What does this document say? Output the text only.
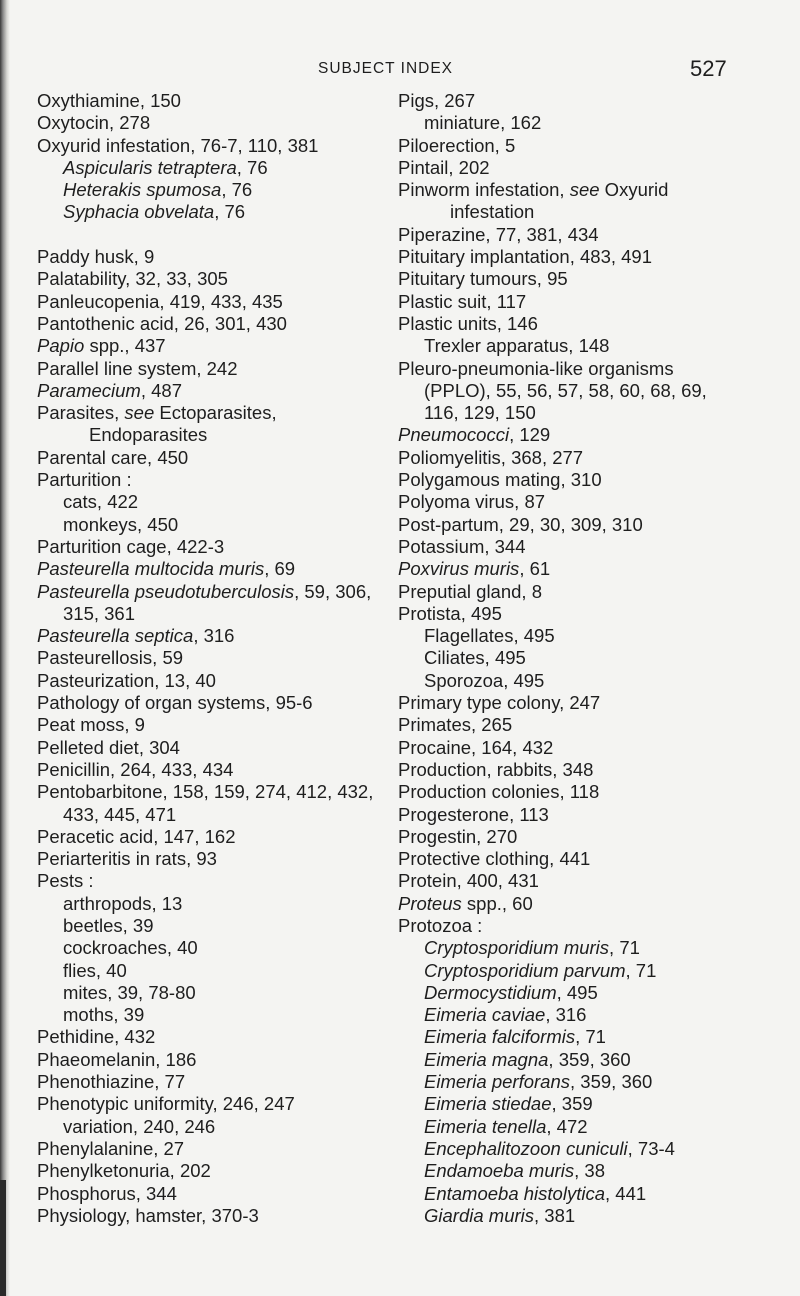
SUBJECT INDEX	527
Oxythiamine, 150
Oxytocin, 278
Oxyurid infestation, 76-7, 110, 381
Aspicularis tetraptera, 76
Heterakis spumosa, 76
Syphacia obvelata, 76
Paddy husk, 9
Palatability, 32, 33, 305
Panleucopenia, 419, 433, 435
Pantothenic acid, 26, 301, 430
Papio spp., 437
Parallel line system, 242
Paramecium, 487
Parasites, see Ectoparasites,
Endoparasites
Parental care, 450
Parturition :
cats, 422
monkeys, 450
Parturition cage, 422-3
Pasteurella multocida muris, 69
Pasteurella pseudotuberculosis, 59, 306,
315, 361
Pasteurella septica, 316
Pasteurellosis, 59
Pasteurization, 13, 40
Pathology of organ systems, 95-6
Peat moss, 9
Pelleted diet, 304
Penicillin, 264, 433, 434
Pentobarbitone, 158, 159, 274, 412, 432,
433, 445, 471
Peracetic acid, 147, 162
Periarteritis in rats, 93
Pests :
arthropods, 13
beetles, 39
cockroaches, 40
flies, 40
mites, 39, 78-80
moths, 39
Pethidine, 432
Phaeomelanin, 186
Phenothiazine, 77
Phenotypic uniformity, 246, 247
variation, 240, 246
Phenylalanine, 27
Phenylketonuria, 202
Phosphorus, 344
Physiology, hamster, 370-3
Pigs, 267
miniature, 162
Piloerection, 5
Pintail, 202
Pinworm infestation, see Oxyurid
infestation
Piperazine, 77, 381, 434
Pituitary implantation, 483, 491
Pituitary tumours, 95
Plastic suit, 117
Plastic units, 146
Trexler apparatus, 148
Pleuro-pneumonia-like organisms
(PPLO), 55, 56, 57, 58, 60, 68, 69,
116, 129, 150
Pneumococci, 129
Poliomyelitis, 368, 277
Polygamous mating, 310
Polyoma virus, 87
Post-partum, 29, 30, 309, 310
Potassium, 344
Poxvirus muris, 61
Preputial gland, 8
Protista, 495
Flagellates, 495
Ciliates, 495
Sporozoa, 495
Primary type colony, 247
Primates, 265
Procaine, 164, 432
Production, rabbits, 348
Production colonies, 118
Progesterone, 113
Progestin, 270
Protective clothing, 441
Protein, 400, 431
Proteus spp., 60
Protozoa :
Cryptosporidium muris, 71
Cryptosporidium parvum, 71
Dermocystidium, 495
Eimeria caviae, 316
Eimeria falciformis, 71
Eimeria magna, 359, 360
Eimeria perforans, 359, 360
Eimeria stiedae, 359
Eimeria tenella, 472
Encephalitozoon cuniculi, 73-4
Endamoeba muris, 38
Entamoeba histolytica, 441
Giardia muris, 381
